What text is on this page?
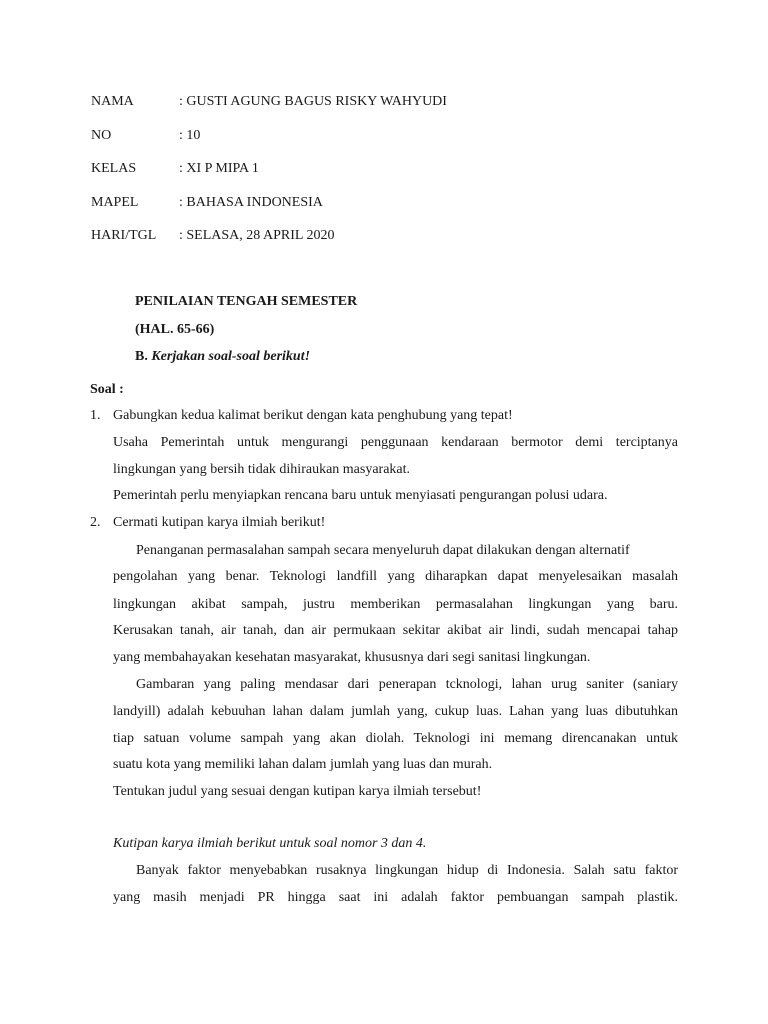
NAMA	: GUSTI AGUNG BAGUS RISKY WAHYUDI
NO	: 10
KELAS	: XI P MIPA 1
MAPEL	: BAHASA INDONESIA
HARI/TGL : SELASA, 28 APRIL 2020
PENILAIAN TENGAH SEMESTER
(HAL. 65-66)
B. Kerjakan soal-soal berikut!
Soal :
1. Gabungkan kedua kalimat berikut dengan kata penghubung yang tepat!
Usaha Pemerintah untuk mengurangi penggunaan kendaraan bermotor demi terciptanya
lingkungan yang bersih tidak dihiraukan masyarakat.
Pemerintah perlu menyiapkan rencana baru untuk menyiasati pengurangan polusi udara.
2. Cermati kutipan karya ilmiah berikut!
Penanganan permasalahan sampah secara menyeluruh dapat dilakukan dengan alternatif
pengolahan yang benar. Teknologi landfill yang diharapkan dapat menyelesaikan masalah
lingkungan akibat sampah, justru memberikan permasalahan lingkungan yang baru.
Kerusakan tanah, air tanah, dan air permukaan sekitar akibat air lindi, sudah mencapai tahap
yang membahayakan kesehatan masyarakat, khususnya dari segi sanitasi lingkungan.
Gambaran yang paling mendasar dari penerapan tcknologi, lahan urug saniter (saniary
landyill) adalah kebuuhan lahan dalam jumlah yang, cukup luas. Lahan yang luas dibutuhkan
tiap satuan volume sampah yang akan diolah. Teknologi ini memang direncanakan untuk
suatu kota yang memiliki lahan dalam jumlah yang luas dan murah.
Tentukan judul yang sesuai dengan kutipan karya ilmiah tersebut!
Kutipan karya ilmiah berikut untuk soal nomor 3 dan 4.
Banyak faktor menyebabkan rusaknya lingkungan hidup di Indonesia. Salah satu faktor
yang masih menjadi PR hingga saat ini adalah faktor pembuangan sampah plastik.
